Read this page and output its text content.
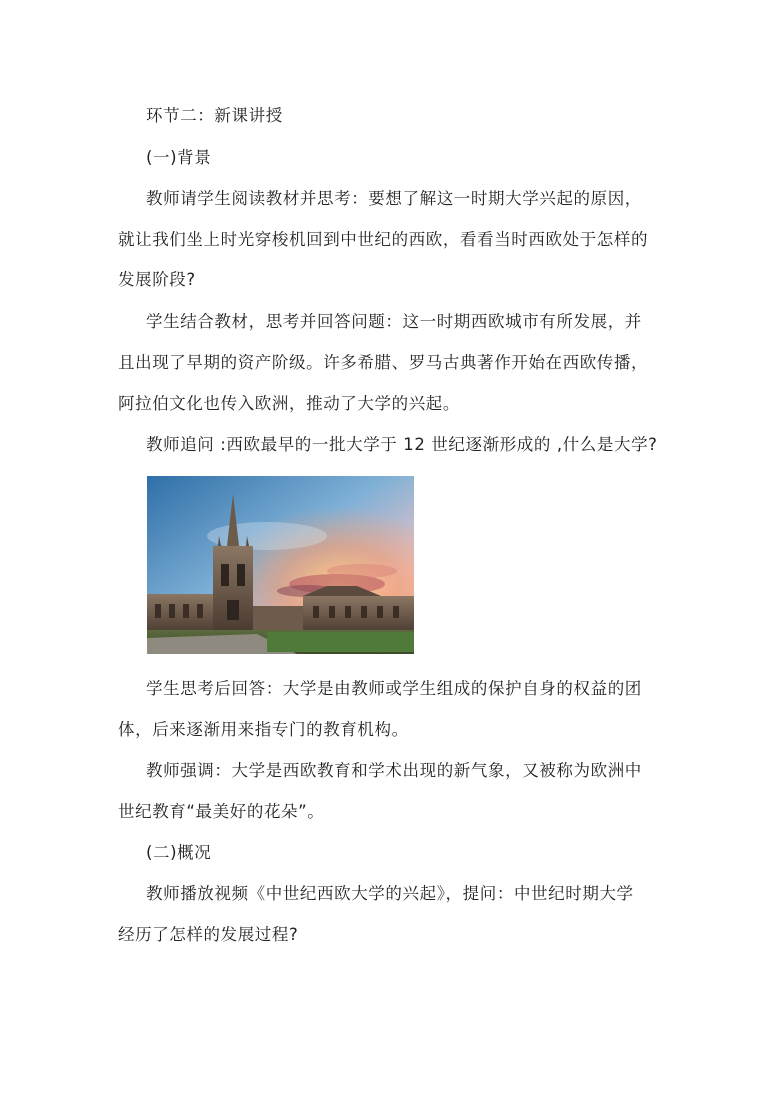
环节二：新课讲授
(一)背景
教师请学生阅读教材并思考：要想了解这一时期大学兴起的原因，
就让我们坐上时光穿梭机回到中世纪的西欧，看看当时西欧处于怎样的
发展阶段?
学生结合教材，思考并回答问题：这一时期西欧城市有所发展，并
且出现了早期的资产阶级。许多希腊、罗马古典著作开始在西欧传播，
阿拉伯文化也传入欧洲，推动了大学的兴起。
教师追问 :西欧最早的一批大学于 12 世纪逐渐形成的 ,什么是大学?
学生思考后回答：大学是由教师或学生组成的保护自身的权益的团
体，后来逐渐用来指专门的教育机构。
教师强调：大学是西欧教育和学术出现的新气象，又被称为欧洲中
世纪教育“最美好的花朵”。
(二)概况
教师播放视频《中世纪西欧大学的兴起》，提问：中世纪时期大学
经历了怎样的发展过程?
